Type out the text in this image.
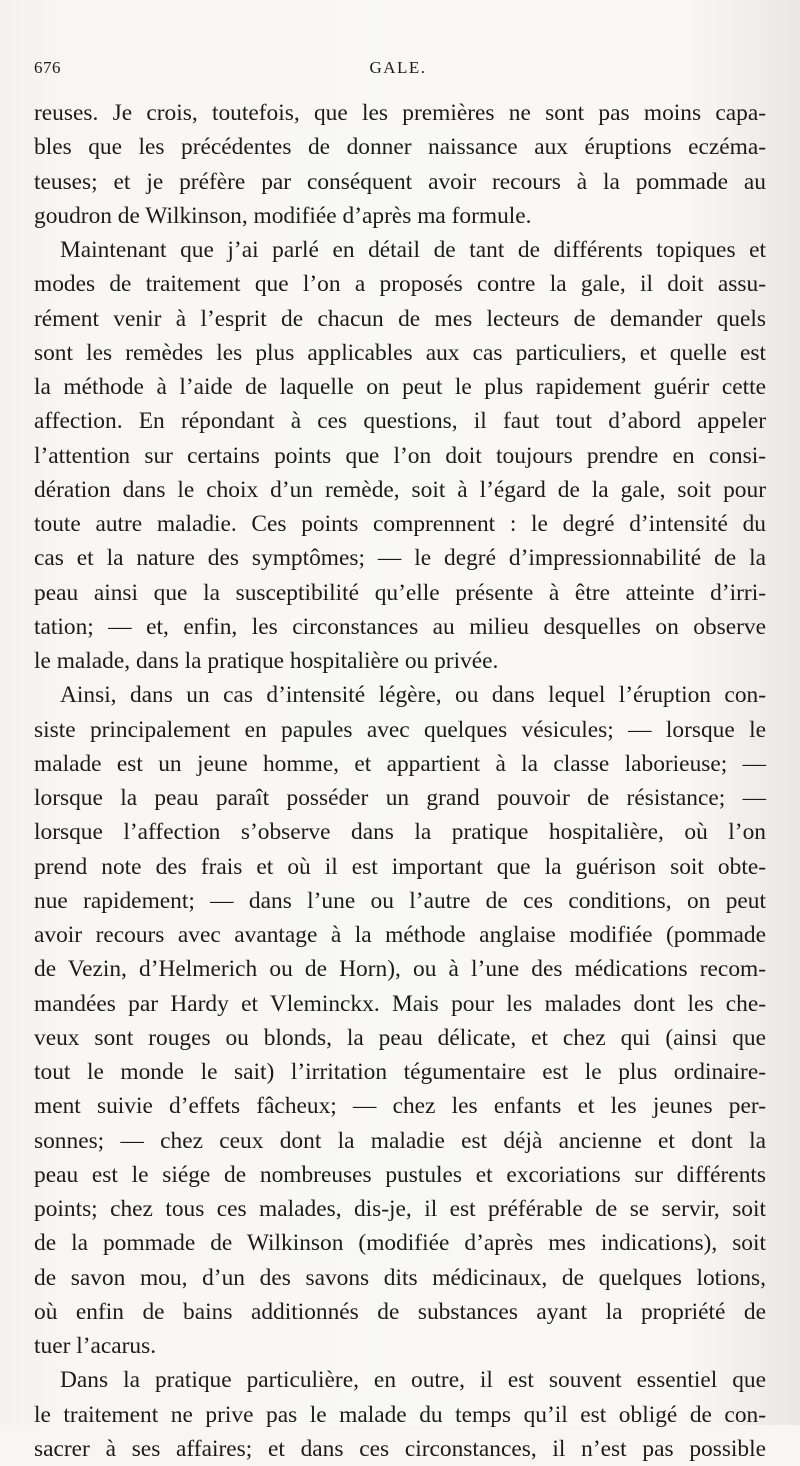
676	GALE.
reuses. Je crois, toutefois, que les premières ne sont pas moins capa-
bles que les précédentes de donner naissance aux éruptions eczéma-
teuses; et je préfère par conséquent avoir recours à la pommade au
goudron de Wilkinson, modifiée d’après ma formule.
Maintenant que j’ai parlé en détail de tant de différents topiques et
modes de traitement que l’on a proposés contre la gale, il doit assu-
rément venir à l’esprit de chacun de mes lecteurs de demander quels
sont les remèdes les plus applicables aux cas particuliers, et quelle est
la méthode à l’aide de laquelle on peut le plus rapidement guérir cette
affection. En répondant à ces questions, il faut tout d’abord appeler
l’attention sur certains points que l’on doit toujours prendre en consi-
dération dans le choix d’un remède, soit à l’égard de la gale, soit pour
toute autre maladie. Ces points comprennent : le degré d’intensité du
cas et la nature des symptômes; — le degré d’impressionnabilité de la
peau ainsi que la susceptibilité qu’elle présente à être atteinte d’irri-
tation; — et, enfin, les circonstances au milieu desquelles on observe
le malade, dans la pratique hospitalière ou privée.
Ainsi, dans un cas d’intensité légère, ou dans lequel l’éruption con-
siste principalement en papules avec quelques vésicules; — lorsque le
malade est un jeune homme, et appartient à la classe laborieuse; —
lorsque la peau paraît posséder un grand pouvoir de résistance; —
lorsque l’affection s’observe dans la pratique hospitalière, où l’on
prend note des frais et où il est important que la guérison soit obte-
nue rapidement; — dans l’une ou l’autre de ces conditions, on peut
avoir recours avec avantage à la méthode anglaise modifiée (pommade
de Vezin, d’Helmerich ou de Horn), ou à l’une des médications recom-
mandées par Hardy et Vleminckx. Mais pour les malades dont les che-
veux sont rouges ou blonds, la peau délicate, et chez qui (ainsi que
tout le monde le sait) l’irritation tégumentaire est le plus ordinaire-
ment suivie d’effets fâcheux; — chez les enfants et les jeunes per-
sonnes; — chez ceux dont la maladie est déjà ancienne et dont la
peau est le siége de nombreuses pustules et excoriations sur différents
points; chez tous ces malades, dis-je, il est préférable de se servir, soit
de la pommade de Wilkinson (modifiée d’après mes indications), soit
de savon mou, d’un des savons dits médicinaux, de quelques lotions,
où enfin de bains additionnés de substances ayant la propriété de
tuer l’acarus.
Dans la pratique particulière, en outre, il est souvent essentiel que
le traitement ne prive pas le malade du temps qu’il est obligé de con-
sacrer à ses affaires; et dans ces circonstances, il n’est pas possible
